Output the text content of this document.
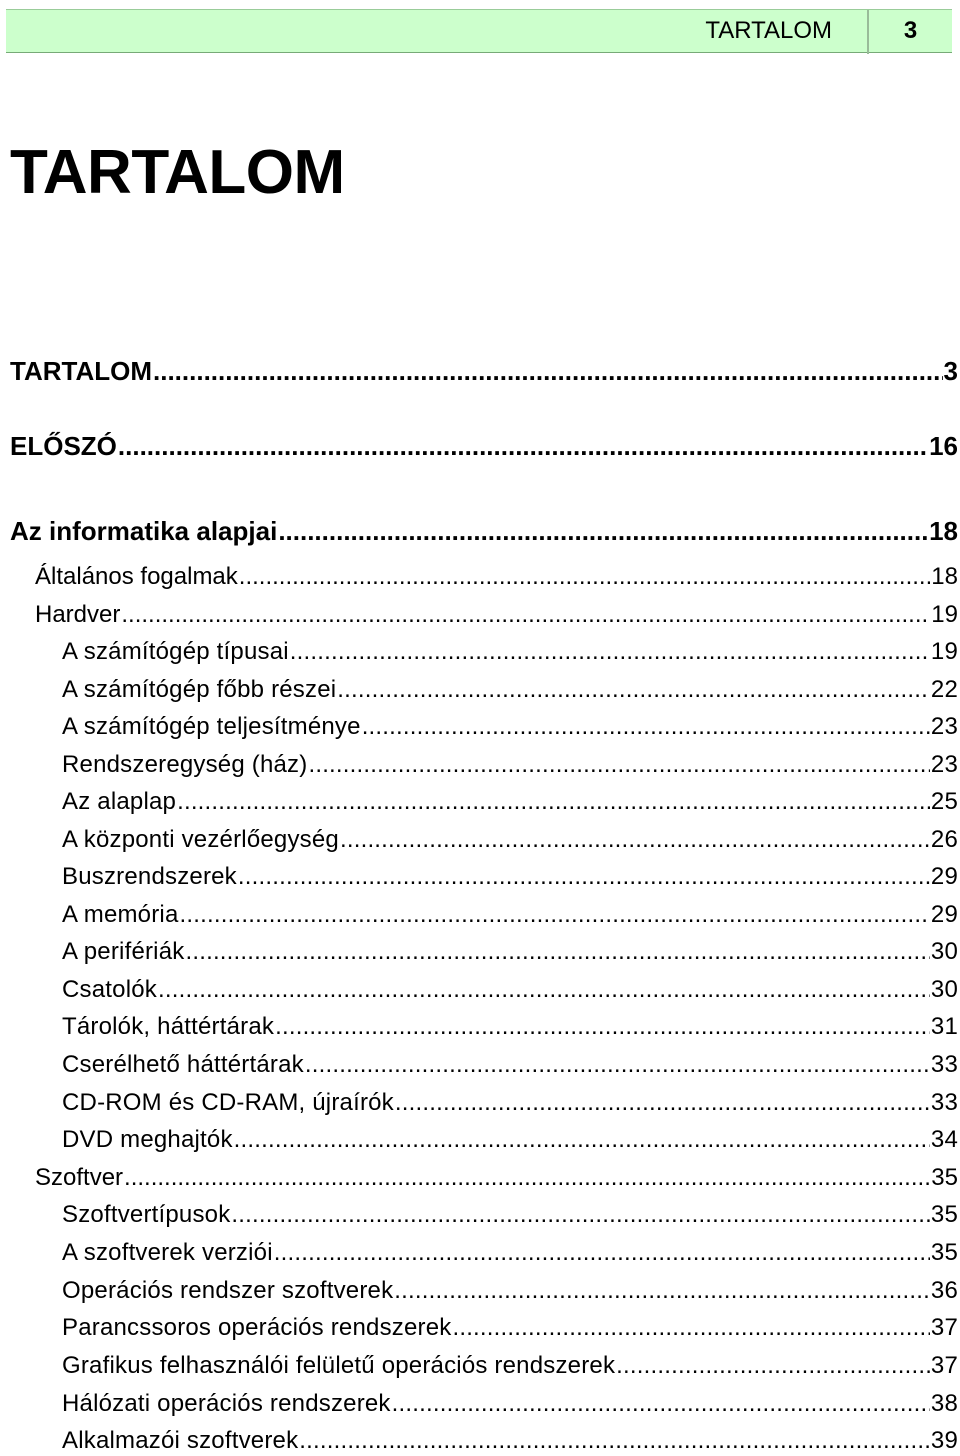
TARTALOM	3
TARTALOM
TARTALOM .....	3
ELŐSZÓ .....	16
Az informatika alapjai .....	18
Általános fogalmak .....	18
Hardver .....	19
A számítógép típusai .....	19
A számítógép főbb részei .....	22
A számítógép teljesítménye .....	23
Rendszeregység (ház) .....	23
Az alaplap .....	25
A központi vezérlőegység .....	26
Buszrendszerek .....	29
A memória .....	29
A perifériák .....	30
Csatolók .....	30
Tárolók, háttértárak .....	31
Cserélhető háttértárak .....	33
CD-ROM és CD-RAM, újraírók .....	33
DVD meghajtók .....	34
Szoftver .....	35
Szoftvertípusok .....	35
A szoftverek verziói .....	35
Operációs rendszer szoftverek .....	36
Parancssoros operációs rendszerek .....	37
Grafikus felhasználói felületű operációs rendszerek .....	37
Hálózati operációs rendszerek .....	38
Alkalmazói szoftverek .....	39
